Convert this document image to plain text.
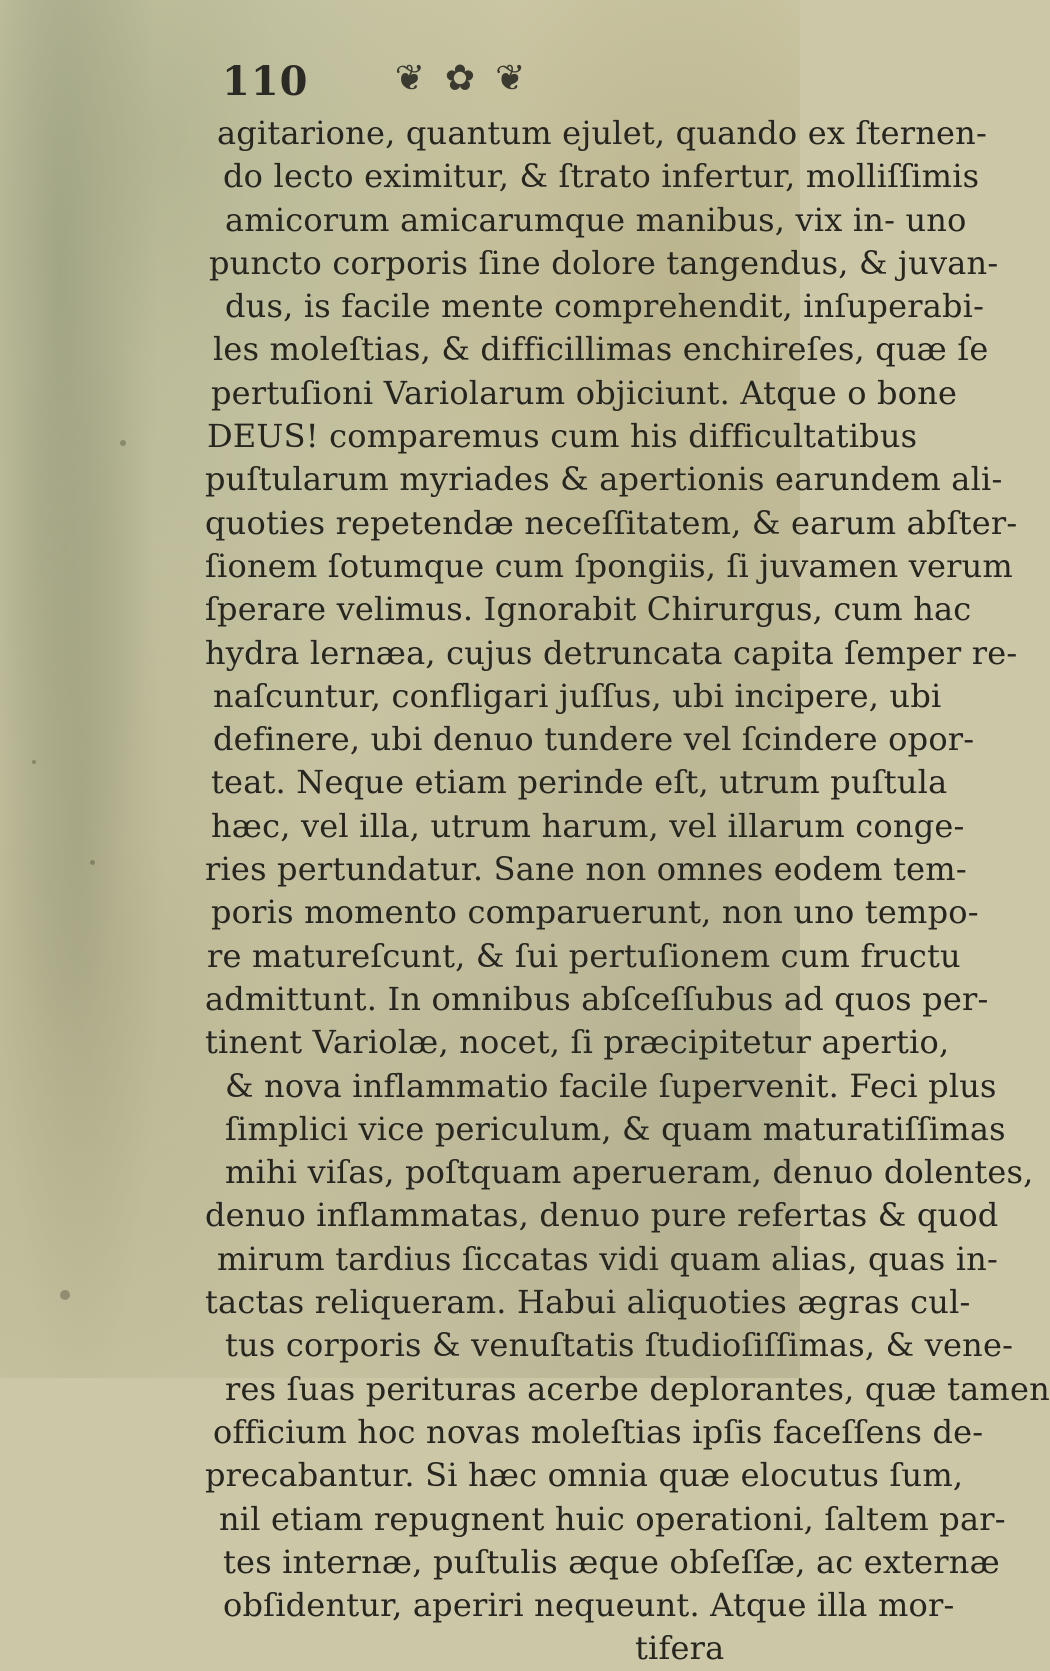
110 ❦ ✿ ❦
agitarione, quantum ejulet, quando ex ſternen-
do lecto eximitur, & ſtrato infertur, molliſſimis
amicorum amicarumque manibus, vix in- uno
puncto corporis ſine dolore tangendus, & juvan-
dus, is facile mente comprehendit, inſuperabi-
les moleſtias, & difficillimas enchireſes, quæ ſe
pertuſioni Variolarum objiciunt. Atque o bone
DEUS! comparemus cum his difficultatibus
puſtularum myriades & apertionis earundem ali-
quoties repetendæ neceſſitatem, & earum abſter-
ſionem ſotumque cum ſpongiis, ſi juvamen verum
ſperare velimus. Ignorabit Chirurgus, cum hac
hydra lernæa, cujus detruncata capita ſemper re-
naſcuntur, confligari juſſus, ubi incipere, ubi
definere, ubi denuo tundere vel ſcindere opor-
teat. Neque etiam perinde eſt, utrum puſtula
hæc, vel illa, utrum harum, vel illarum conge-
ries pertundatur. Sane non omnes eodem tem-
poris momento comparuerunt, non uno tempo-
re matureſcunt, & ſui pertuſionem cum fructu
admittunt. In omnibus abſceſſubus ad quos per-
tinent Variolæ, nocet, ſi præcipitetur apertio,
& nova inflammatio facile ſupervenit. Feci plus
ſimplici vice periculum, & quam maturatiſſimas
mihi viſas, poſtquam aperueram, denuo dolentes,
denuo inflammatas, denuo pure refertas & quod
mirum tardius ſiccatas vidi quam alias, quas in-
tactas reliqueram. Habui aliquoties ægras cul-
tus corporis & venuſtatis ſtudioſiſſimas, & vene-
res ſuas perituras acerbe deplorantes, quæ tamen
officium hoc novas moleſtias ipſis faceſſens de-
precabantur. Si hæc omnia quæ elocutus ſum,
nil etiam repugnent huic operationi, ſaltem par-
tes internæ, puſtulis æque obſeſſæ, ac externæ
obſidentur, aperiri nequeunt. Atque illa mor-
tifera
